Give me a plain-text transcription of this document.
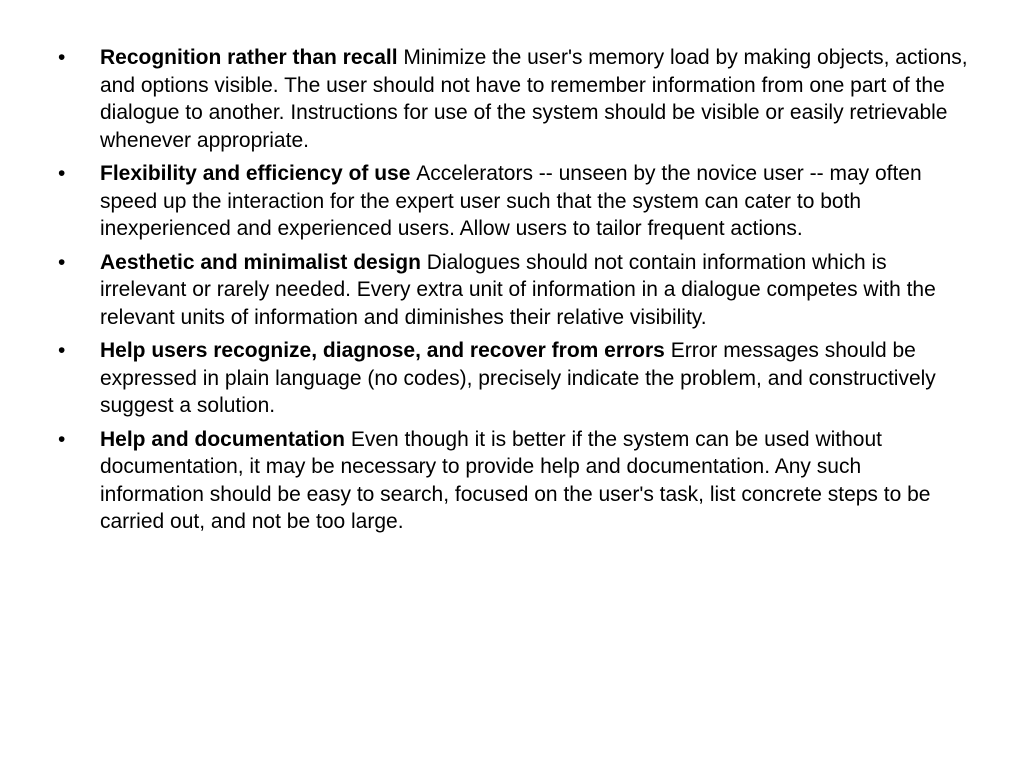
•	Recognition rather than recall Minimize the user's memory load by making objects, actions, and options visible. The user should not have to remember information from one part of the dialogue to another. Instructions for use of the system should be visible or easily retrievable whenever appropriate.
•	Flexibility and efficiency of use Accelerators -- unseen by the novice user -- may often speed up the interaction for the expert user such that the system can cater to both inexperienced and experienced users. Allow users to tailor frequent actions.
•	Aesthetic and minimalist design Dialogues should not contain information which is irrelevant or rarely needed. Every extra unit of information in a dialogue competes with the relevant units of information and diminishes their relative visibility.
•	Help users recognize, diagnose, and recover from errors Error messages should be expressed in plain language (no codes), precisely indicate the problem, and constructively suggest a solution.
•	Help and documentation Even though it is better if the system can be used without documentation, it may be necessary to provide help and documentation. Any such information should be easy to search, focused on the user's task, list concrete steps to be carried out, and not be too large.
